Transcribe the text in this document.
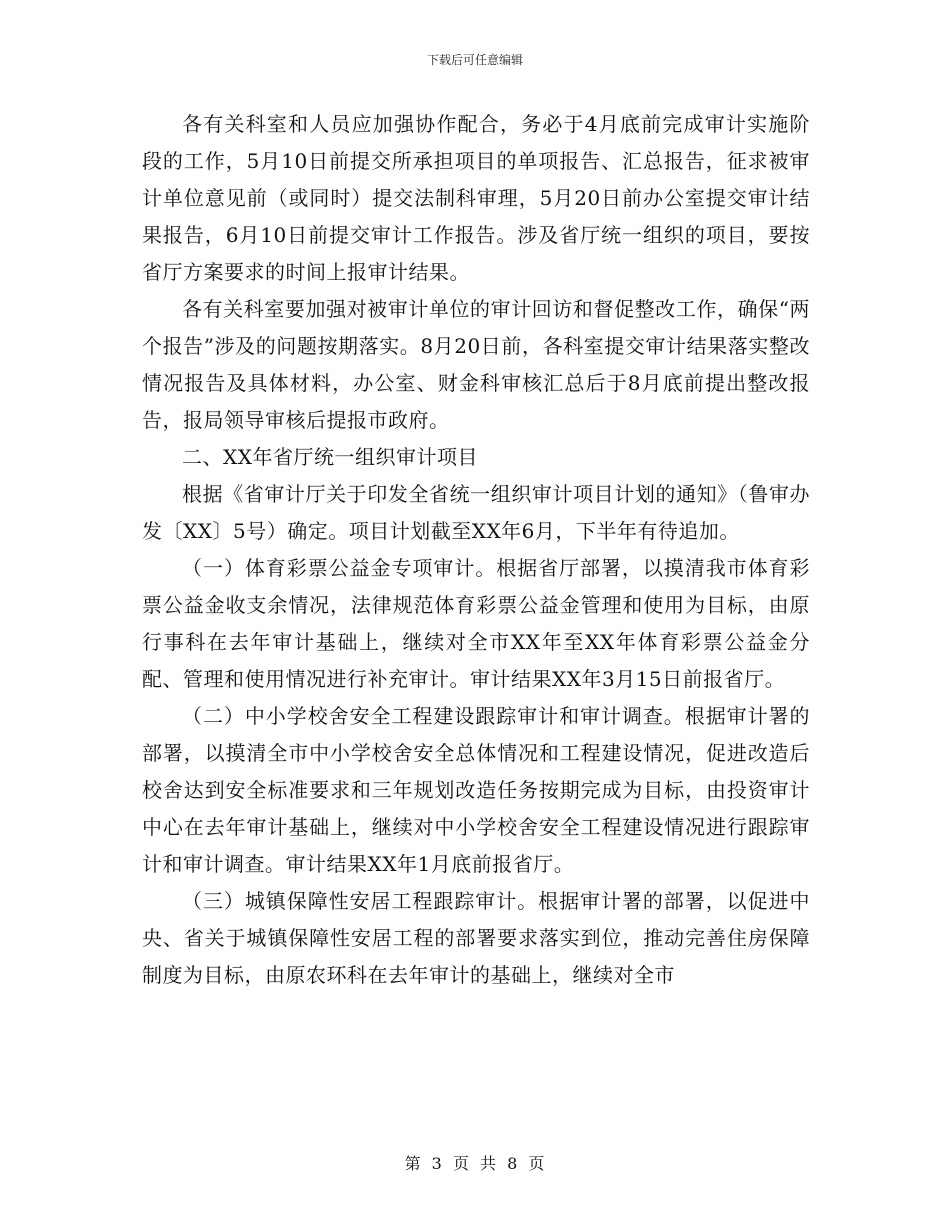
下载后可任意编辑

各有关科室和人员应加强协作配合，务必于4月底前完成审计实施阶段的工作，5月10日前提交所承担项目的单项报告、汇总报告，征求被审计单位意见前（或同时）提交法制科审理，5月20日前办公室提交审计结果报告，6月10日前提交审计工作报告。涉及省厅统一组织的项目，要按省厅方案要求的时间上报审计结果。

各有关科室要加强对被审计单位的审计回访和督促整改工作，确保“两个报告”涉及的问题按期落实。8月20日前，各科室提交审计结果落实整改情况报告及具体材料，办公室、财金科审核汇总后于8月底前提出整改报告，报局领导审核后提报市政府。

二、XX年省厅统一组织审计项目

根据《省审计厅关于印发全省统一组织审计项目计划的通知》（鲁审办发〔XX〕5号）确定。项目计划截至XX年6月，下半年有待追加。

（一）体育彩票公益金专项审计。根据省厅部署，以摸清我市体育彩票公益金收支余情况，法律规范体育彩票公益金管理和使用为目标，由原行事科在去年审计基础上，继续对全市XX年至XX年体育彩票公益金分配、管理和使用情况进行补充审计。审计结果XX年3月15日前报省厅。

（二）中小学校舍安全工程建设跟踪审计和审计调查。根据审计署的部署，以摸清全市中小学校舍安全总体情况和工程建设情况，促进改造后校舍达到安全标准要求和三年规划改造任务按期完成为目标，由投资审计中心在去年审计基础上，继续对中小学校舍安全工程建设情况进行跟踪审计和审计调查。审计结果XX年1月底前报省厅。

（三）城镇保障性安居工程跟踪审计。根据审计署的部署，以促进中央、省关于城镇保障性安居工程的部署要求落实到位，推动完善住房保障制度为目标，由原农环科在去年审计的基础上，继续对全市

第 3 页 共 8 页
